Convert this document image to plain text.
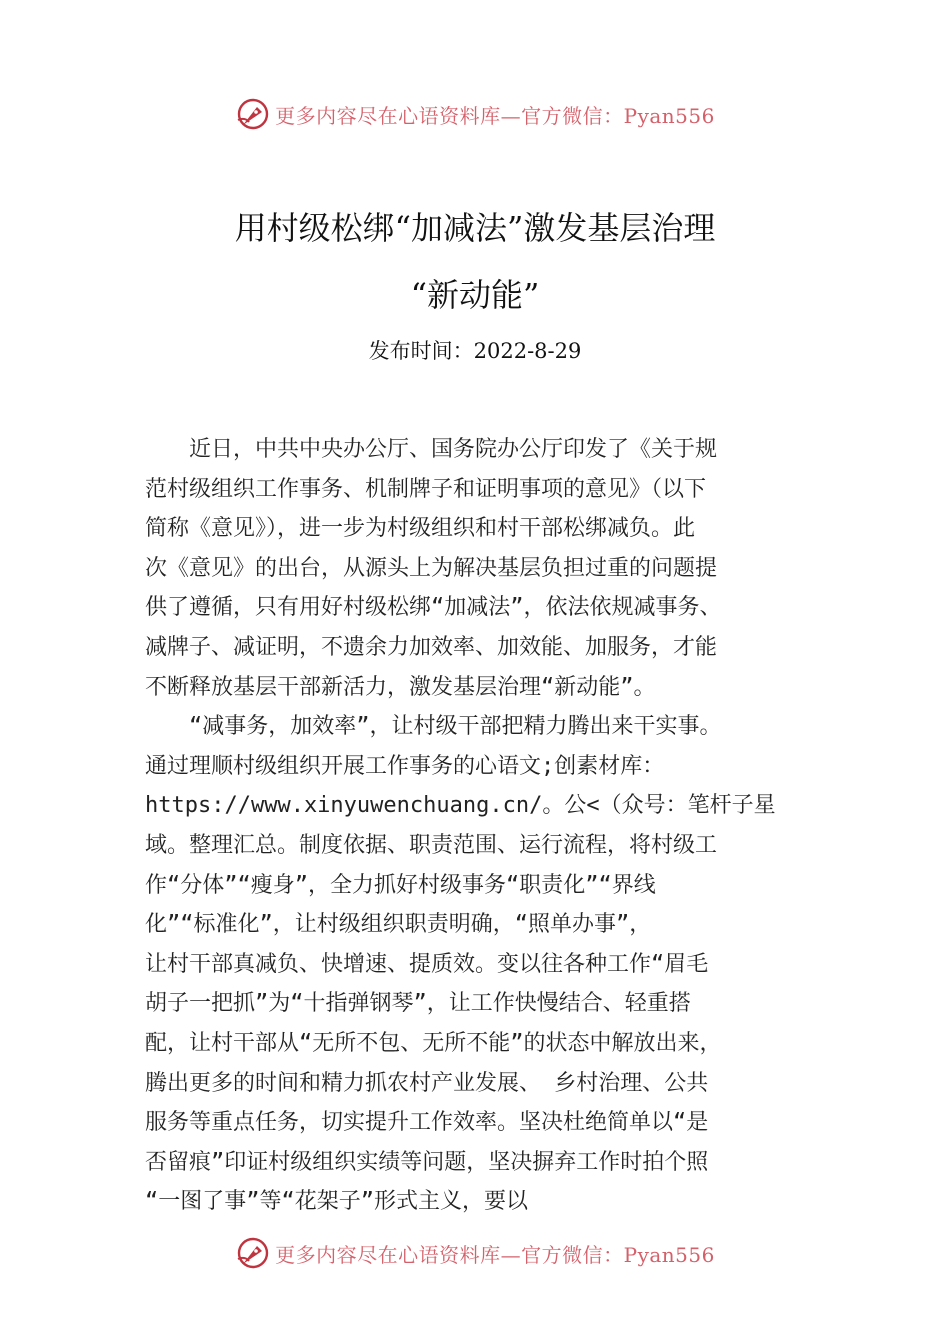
更多内容尽在心语资料库—官方微信：Pyan556
用村级松绑“加减法”激发基层治理
“新动能”
发布时间：2022-8-29
　　近日，中共中央办公厅、国务院办公厅印发了《关于规
范村级组织工作事务、机制牌子和证明事项的意见》（以下
简称《意见》），进一步为村级组织和村干部松绑减负。此
次《意见》的出台，从源头上为解决基层负担过重的问题提
供了遵循，只有用好村级松绑“加减法”，依法依规减事务、
减牌子、减证明，不遗余力加效率、加效能、加服务，才能
不断释放基层干部新活力，激发基层治理“新动能”。
　　“减事务，加效率”，让村级干部把精力腾出来干实事。
通过理顺村级组织开展工作事务的心语文;创素材库：
https://www.xinyuwenchuang.cn/。公<（众号：笔杆子星
域。整理汇总。制度依据、职责范围、运行流程，将村级工
作“分体”“瘦身”，全力抓好村级事务“职责化”“界线
化”“标准化”，让村级组织职责明确，“照单办事”，
让村干部真减负、快增速、提质效。变以往各种工作“眉毛
胡子一把抓”为“十指弹钢琴”，让工作快慢结合、轻重搭
配，让村干部从“无所不包、无所不能”的状态中解放出来，
腾出更多的时间和精力抓农村产业发展、 乡村治理、公共
服务等重点任务，切实提升工作效率。坚决杜绝简单以“是
否留痕”印证村级组织实绩等问题，坚决摒弃工作时拍个照
“一图了事”等“花架子”形式主义，要以
更多内容尽在心语资料库—官方微信：Pyan556
